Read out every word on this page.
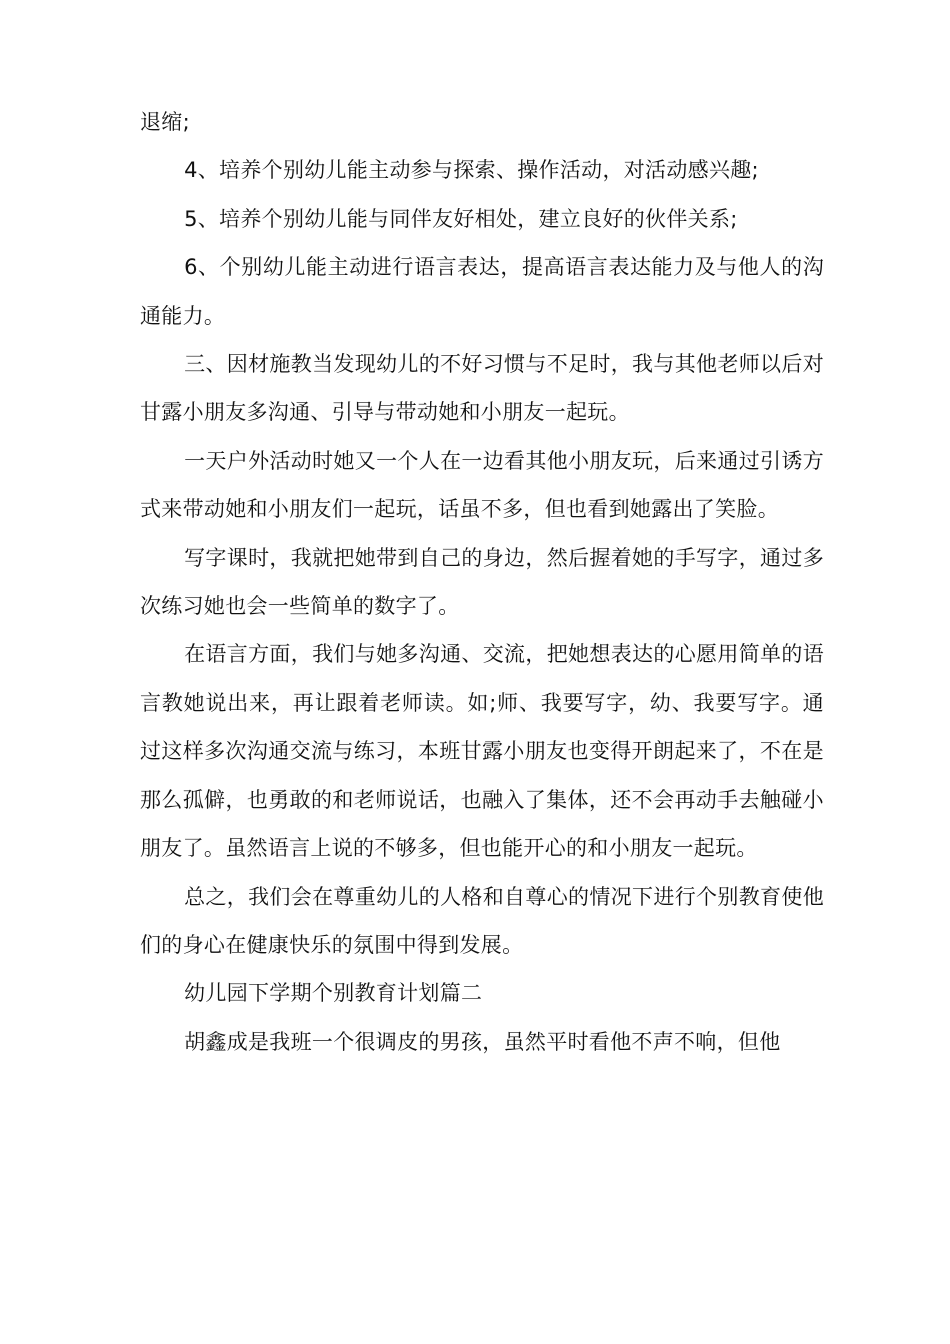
退缩;

4、培养个别幼儿能主动参与探索、操作活动，对活动感兴趣;

5、培养个别幼儿能与同伴友好相处，建立良好的伙伴关系;

6、个别幼儿能主动进行语言表达，提高语言表达能力及与他人的沟通能力。

三、因材施教当发现幼儿的不好习惯与不足时，我与其他老师以后对甘露小朋友多沟通、引导与带动她和小朋友一起玩。

一天户外活动时她又一个人在一边看其他小朋友玩，后来通过引诱方式来带动她和小朋友们一起玩，话虽不多，但也看到她露出了笑脸。

写字课时，我就把她带到自己的身边，然后握着她的手写字，通过多次练习她也会一些简单的数字了。

在语言方面，我们与她多沟通、交流，把她想表达的心愿用简单的语言教她说出来，再让跟着老师读。如;师、我要写字，幼、我要写字。通过这样多次沟通交流与练习，本班甘露小朋友也变得开朗起来了，不在是那么孤僻，也勇敢的和老师说话，也融入了集体，还不会再动手去触碰小朋友了。虽然语言上说的不够多，但也能开心的和小朋友一起玩。

总之，我们会在尊重幼儿的人格和自尊心的情况下进行个别教育使他们的身心在健康快乐的氛围中得到发展。

幼儿园下学期个别教育计划篇二

胡鑫成是我班一个很调皮的男孩，虽然平时看他不声不响，但他
